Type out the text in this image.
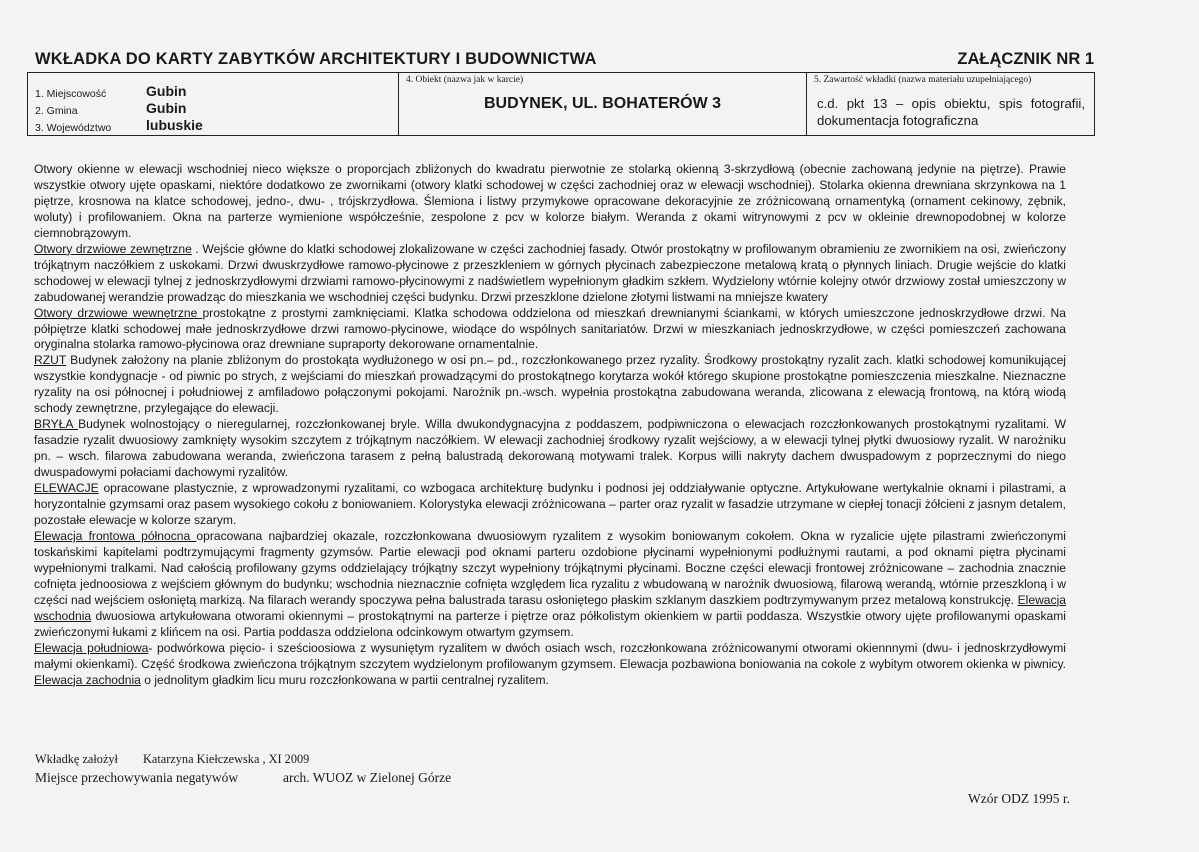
WKŁADKA DO KARTY ZABYTKÓW ARCHITEKTURY I BUDOWNICTWA	ZAŁĄCZNIK NR 1
1. Miejscowość	Gubin
2. Gmina	Gubin
3. Województwo lubuskie
4. Obiekt (nazwa jak w karcie)
BUDYNEK, UL. BOHATERÓW 3
5. Zawartość wkładki (nazwa materiału uzupełniającego)
c.d. pkt 13 – opis obiektu, spis fotografii, dokumentacja fotograficzna

Otwory okienne w elewacji wschodniej nieco większe o proporcjach zbliżonych do kwadratu pierwotnie ze stolarką okienną 3-skrzydłową (obecnie zachowaną jedynie na piętrze). Prawie wszystkie otwory ujęte opaskami, niektóre dodatkowo ze zwornikami (otwory klatki schodowej w części zachodniej oraz w elewacji wschodniej). Stolarka okienna drewniana skrzynkowa na 1 piętrze, krosnowa na klatce schodowej, jedno-, dwu- , trójskrzydłowa. Ślemiona i listwy przymykowe opracowane dekoracyjnie ze zróżnicowaną ornamentyką (ornament cekinowy, zębnik, woluty) i profilowaniem. Okna na parterze wymienione współcześnie, zespolone z pcv w kolorze białym. Weranda z okami witrynowymi z pcv w okleinie drewnopodobnej w kolorze ciemnobrązowym.

Otwory drzwiowe zewnętrzne . Wejście główne do klatki schodowej zlokalizowane w części zachodniej fasady. Otwór prostokątny w profilowanym obramieniu ze zwornikiem na osi, zwieńczony trójkątnym naczółkiem z uskokami. Drzwi dwuskrzydłowe ramowo-płycinowe z przeszkleniem w górnych płycinach zabezpieczone metalową kratą o płynnych liniach. Drugie wejście do klatki schodowej w elewacji tylnej z jednoskrzydłowymi drzwiami ramowo-płycinowymi z nadświetlem wypełnionym gładkim szkłem. Wydzielony wtórnie kolejny otwór drzwiowy został umieszczony w zabudowanej werandzie prowadząc do mieszkania we wschodniej części budynku. Drzwi przeszklone dzielone złotymi listwami na mniejsze kwatery

Otwory drzwiowe wewnętrzne prostokątne z prostymi zamknięciami. Klatka schodowa oddzielona od mieszkań drewnianymi ściankami, w których umieszczone jednoskrzydłowe drzwi. Na półpiętrze klatki schodowej małe jednoskrzydłowe drzwi ramowo-płycinowe, wiodące do wspólnych sanitariatów. Drzwi w mieszkaniach jednoskrzydłowe, w części pomieszczeń zachowana oryginalna stolarka ramowo-płycinowa oraz drewniane supraporty dekorowane ornamentalnie.

RZUT Budynek założony na planie zbliżonym do prostokąta wydłużonego w osi pn.– pd., rozczłonkowanego przez ryzality. Środkowy prostokątny ryzalit zach. klatki schodowej komunikującej wszystkie kondygnacje - od piwnic po strych, z wejściami do mieszkań prowadzącymi do prostokątnego korytarza wokół którego skupione prostokątne pomieszczenia mieszkalne. Nieznaczne ryzality na osi północnej i południowej z amfiladowo połączonymi pokojami. Narożnik pn.-wsch. wypełnia prostokątna zabudowana weranda, zlicowana z elewacją frontową, na którą wiodą schody zewnętrzne, przylegające do elewacji.

BRYŁA Budynek wolnostojący o nieregularnej, rozczłonkowanej bryle. Willa dwukondygnacyjna z poddaszem, podpiwniczona o elewacjach rozczłonkowanych prostokątnymi ryzalitami. W fasadzie ryzalit dwuosiowy zamknięty wysokim szczytem z trójkątnym naczółkiem. W elewacji zachodniej środkowy ryzalit wejściowy, a w elewacji tylnej płytki dwuosiowy ryzalit. W narożniku pn. – wsch. filarowa zabudowana weranda, zwieńczona tarasem z pełną balustradą dekorowaną motywami tralek. Korpus willi nakryty dachem dwuspadowym z poprzecznymi do niego dwuspadowymi połaciami dachowymi ryzalitów.

ELEWACJE opracowane plastycznie, z wprowadzonymi ryzalitami, co wzbogaca architekturę budynku i podnosi jej oddziaływanie optyczne. Artykułowane wertykalnie oknami i pilastrami, a horyzontalnie gzymsami oraz pasem wysokiego cokołu z boniowaniem. Kolorystyka elewacji zróżnicowana – parter oraz ryzalit w fasadzie utrzymane w ciepłej tonacji żółcieni z jasnym detalem, pozostałe elewacje w kolorze szarym.

Elewacja frontowa północna opracowana najbardziej okazale, rozczłonkowana dwuosiowym ryzalitem z wysokim boniowanym cokołem. Okna w ryzalicie ujęte pilastrami zwieńczonymi toskańskimi kapitelami podtrzymującymi fragmenty gzymsów. Partie elewacji pod oknami parteru ozdobione płycinami wypełnionymi podłużnymi rautami, a pod oknami piętra płycinami wypełnionymi tralkami. Nad całością profilowany gzyms oddzielający trójkątny szczyt wypełniony trójkątnymi płycinami. Boczne części elewacji frontowej zróżnicowane – zachodnia znacznie cofnięta jednoosiowa z wejściem głównym do budynku; wschodnia nieznacznie cofnięta względem lica ryzalitu z wbudowaną w narożnik dwuosiową, filarową werandą, wtórnie przeszkloną i w części nad wejściem osłoniętą markizą. Na filarach werandy spoczywa pełna balustrada tarasu osłoniętego płaskim szklanym daszkiem podtrzymywanym przez metalową konstrukcję. Elewacja wschodnia dwuosiowa artykułowana otworami okiennymi – prostokątnymi na parterze i piętrze oraz półkolistym okienkiem w partii poddasza. Wszystkie otwory ujęte profilowanymi opaskami zwieńczonymi łukami z klińcem na osi. Partia poddasza oddzielona odcinkowym otwartym gzymsem.

Elewacja południowa- podwórkowa pięcio- i sześcioosiowa z wysuniętym ryzalitem w dwóch osiach wsch, rozczłonkowana zróżnicowanymi otworami okiennnymi (dwu- i jednoskrzydłowymi małymi okienkami). Część środkowa zwieńczona trójkątnym szczytem wydzielonym profilowanym gzymsem. Elewacja pozbawiona boniowania na cokole z wybitym otworem okienka w piwnicy. Elewacja zachodnia o jednolitym gładkim licu muru rozczłonkowana w partii centralnej ryzalitem.

Wkładkę założył Katarzyna Kiełczewska , XI 2009
Miejsce przechowywania negatywów	arch. WUOZ w Zielonej Górze
Wzór ODZ 1995 r.
